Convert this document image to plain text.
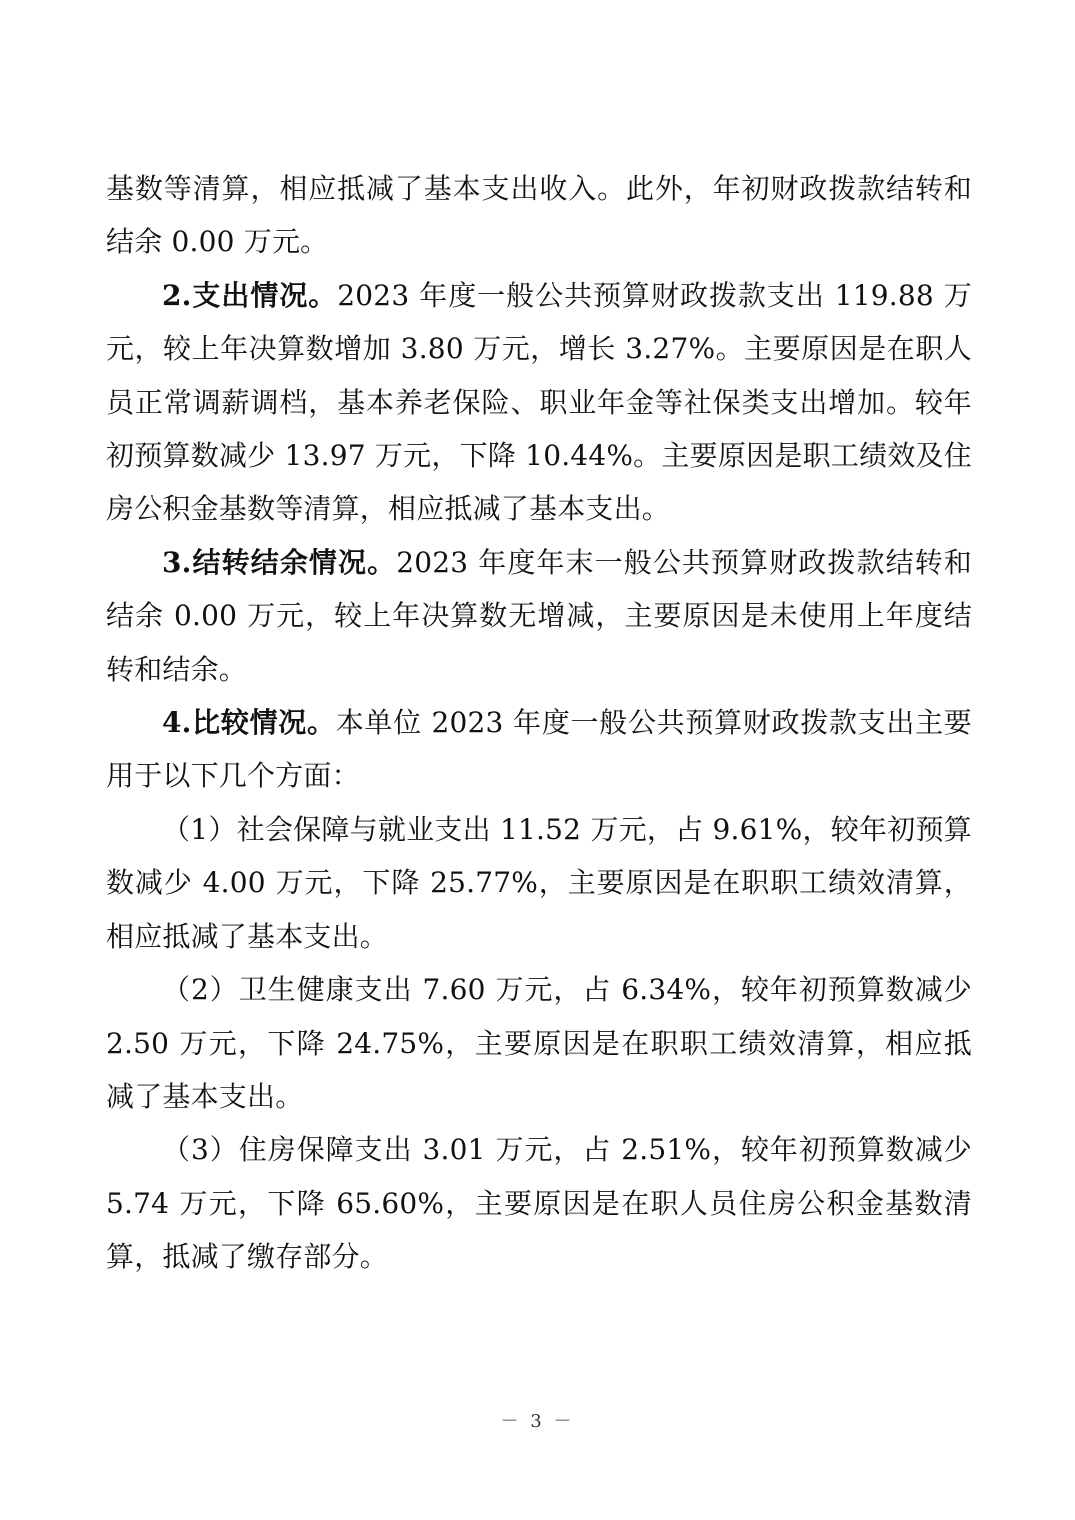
基数等清算，相应抵减了基本支出收入。此外，年初财政拨款结转和结余 0.00 万元。

2.支出情况。2023 年度一般公共预算财政拨款支出 119.88 万元，较上年决算数增加 3.80 万元，增长 3.27%。主要原因是在职人员正常调薪调档，基本养老保险、职业年金等社保类支出增加。较年初预算数减少 13.97 万元，下降 10.44%。主要原因是职工绩效及住房公积金基数等清算，相应抵减了基本支出。

3.结转结余情况。2023 年度年末一般公共预算财政拨款结转和结余 0.00 万元，较上年决算数无增减，主要原因是未使用上年度结转和结余。

4.比较情况。本单位 2023 年度一般公共预算财政拨款支出主要用于以下几个方面：

（1）社会保障与就业支出 11.52 万元，占 9.61%，较年初预算数减少 4.00 万元，下降 25.77%，主要原因是在职职工绩效清算，相应抵减了基本支出。

（2）卫生健康支出 7.60 万元，占 6.34%，较年初预算数减少 2.50 万元，下降 24.75%，主要原因是在职职工绩效清算，相应抵减了基本支出。

（3）住房保障支出 3.01 万元，占 2.51%，较年初预算数减少 5.74 万元，下降 65.60%，主要原因是在职人员住房公积金基数清算，抵减了缴存部分。

－ 3 －
